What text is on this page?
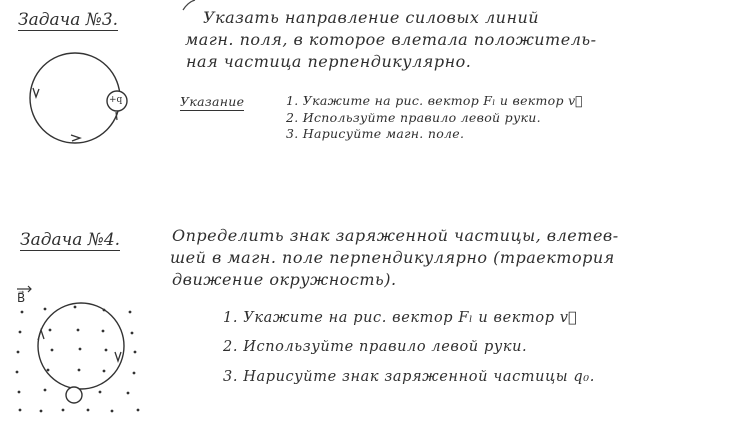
Задача №3.	Указать направление силовых линий
магн. поля, в которое влетала положитель-
ная частица перпендикулярно.
+q	Указание	1. Укажите на рис. вектор Fₗ и вектор v⃗
2. Используйте правило левой руки.
3. Нарисуйте магн. поле.
Задача №4.	Определить знак заряженной частицы, влетев-
шей в магн. поле перпендикулярно (траектория
движение окружность).
B⃗
1. Укажите на рис. вектор Fₗ и вектор v⃗
2. Используйте правило левой руки.
3. Нарисуйте знак заряженной частицы q₀.
